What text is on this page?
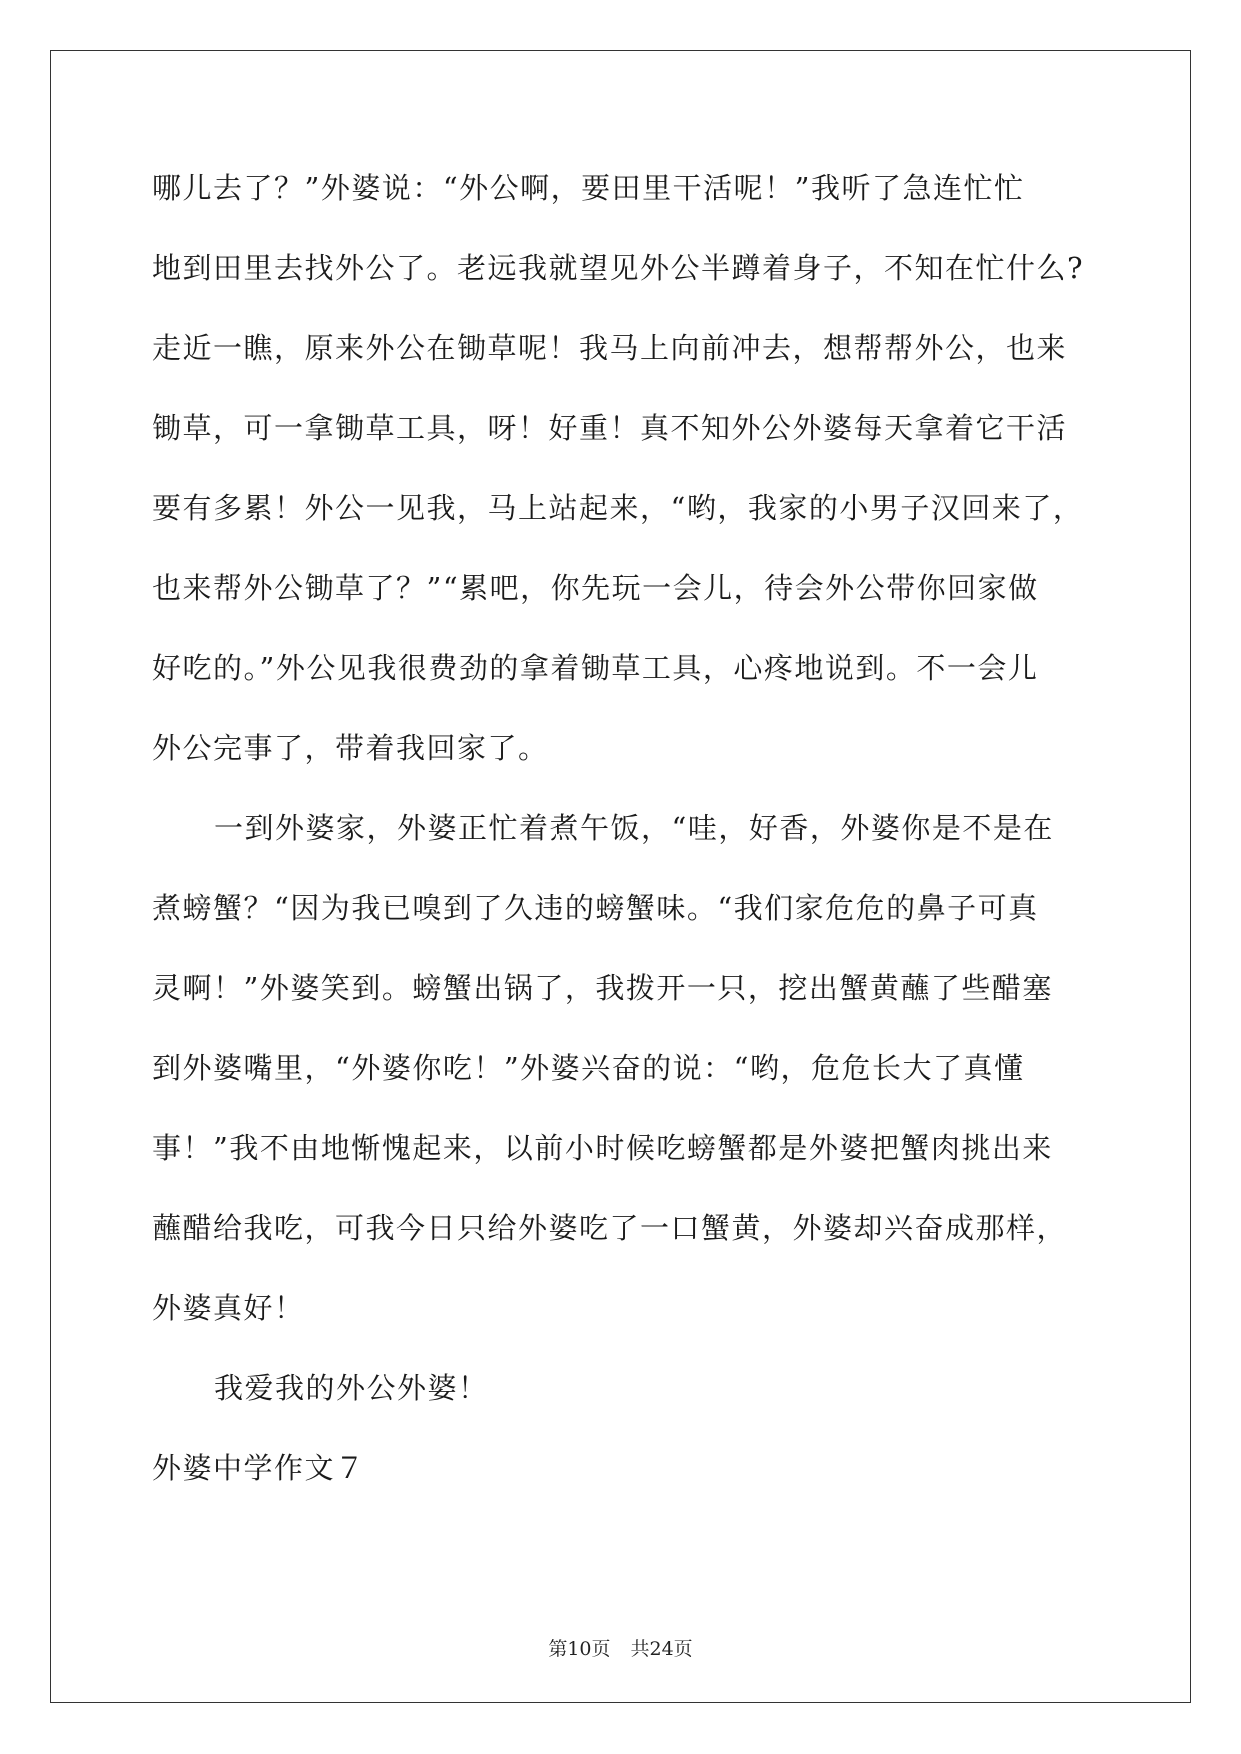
哪儿去了？”外婆说：“外公啊，要田里干活呢！”我听了急连忙忙
地到田里去找外公了。老远我就望见外公半蹲着身子，不知在忙什么?
走近一瞧，原来外公在锄草呢！我马上向前冲去，想帮帮外公，也来
锄草，可一拿锄草工具，呀！好重！真不知外公外婆每天拿着它干活
要有多累！外公一见我，马上站起来，“哟，我家的小男子汉回来了，
也来帮外公锄草了？”“累吧，你先玩一会儿，待会外公带你回家做
好吃的。”外公见我很费劲的拿着锄草工具，心疼地说到。不一会儿
外公完事了，带着我回家了。
一到外婆家，外婆正忙着煮午饭，“哇，好香，外婆你是不是在
煮螃蟹？“因为我已嗅到了久违的螃蟹味。“我们家危危的鼻子可真
灵啊！”外婆笑到。螃蟹出锅了，我拨开一只，挖出蟹黄蘸了些醋塞
到外婆嘴里，“外婆你吃！”外婆兴奋的说：“哟，危危长大了真懂
事！”我不由地惭愧起来，以前小时候吃螃蟹都是外婆把蟹肉挑出来
蘸醋给我吃，可我今日只给外婆吃了一口蟹黄，外婆却兴奋成那样，
外婆真好！
我爱我的外公外婆！
外婆中学作文７
第10页 共24页
